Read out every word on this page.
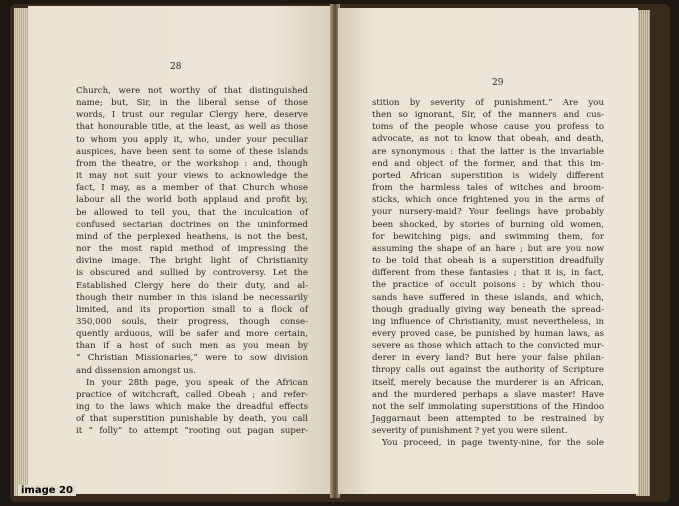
28
Church, were not worthy of that distinguished
name; but, Sir, in the liberal sense of those
words, I trust our regular Clergy here, deserve
that honourable title, at the least, as well as those
to whom you apply it, who, under your peculiar
auspices, have been sent to some of these islands
from the theatre, or the workshop : and, though
it may not suit your views to acknowledge the
fact, I may, as a member of that Church whose
labour all the world both applaud and profit by,
be allowed to tell you, that the inculcation of
confused sectarian doctrines on the uninformed
mind of the perplexed heathens, is not the best,
nor the most rapid method of impressing the
divine image. The bright light of Christianity
is obscured and sullied by controversy. Let the
Established Clergy here do their duty, and al-
though their number in this island be necessarily
limited, and its proportion small to a flock of
350,000 souls, their progress, though conse-
quently arduous, will be safer and more certain,
than if a host of such men as you mean by
“ Christian Missionaries,” were to sow division
and dissension amongst us.
In your 28th page, you speak of the African
practice of witchcraft, called Obeah ; and refer-
ing to the laws which make the dreadful effects
of that superstition punishable by death, you call
it “ folly” to attempt “rooting out pagan super-
29
stition by severity of punishment.” Are you
then so ignorant, Sir, of the manners and cus-
toms of the people whose cause you profess to
advocate, as not to know that obeah, and death,
are synonymous : that the latter is the invariable
end and object of the former, and that this im-
ported African superstition is widely different
from the harmless tales of witches and broom-
sticks, which once frightened you in the arms of
your nursery-maid? Your feelings have probably
been shocked, by stories of burning old women,
for bewitching pigs, and swimming them, for
assuming the shape of an hare ; but are you now
to be told that obeah is a superstition dreadfully
different from these fantasies ; that it is, in fact,
the practice of occult poisons : by which thou-
sands have suffered in these islands, and which,
though gradually giving way beneath the spread-
ing influence of Christianity, must nevertheless, in
every proved case, be punished by human laws, as
severe as those which attach to the convicted mur-
derer in every land? But here your false philan-
thropy calls out against the authority of Scripture
itself, merely because the murderer is an African,
and the murdered perhaps a slave master! Have
not the self immolating superstitions of the Hindoo
Jaggarnaut been attempted to be restrained by
severity of punishment ? yet you were silent.
You proceed, in page twenty-nine, for the sole
image 20
